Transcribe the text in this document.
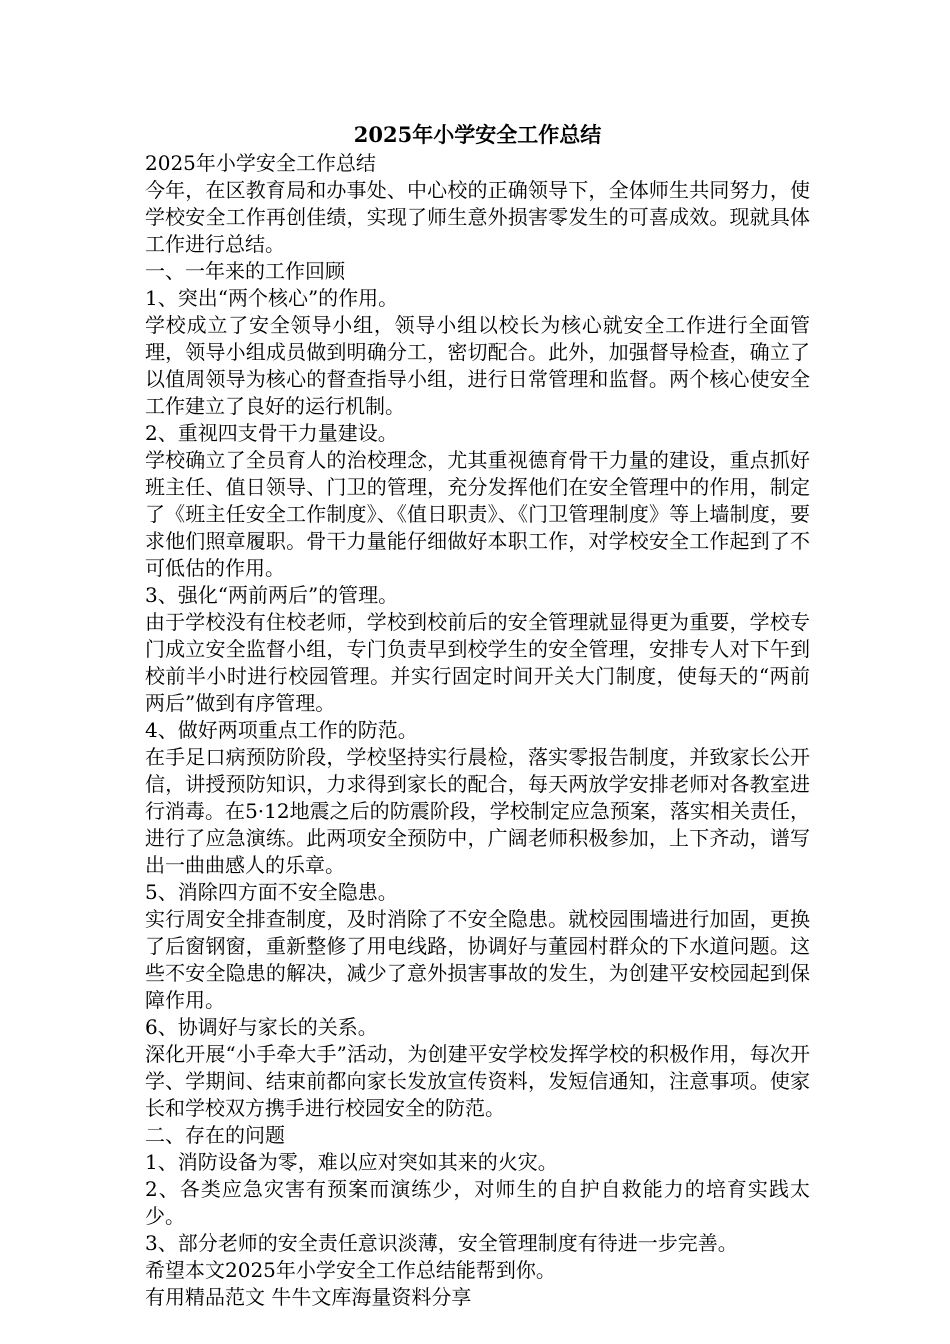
2025年小学安全工作总结

2025年小学安全工作总结

今年，在区教育局和办事处、中心校的正确领导下，全体师生共同努力，使学校安全工作再创佳绩，实现了师生意外损害零发生的可喜成效。现就具体工作进行总结。

一、一年来的工作回顾

1、突出“两个核心”的作用。

学校成立了安全领导小组，领导小组以校长为核心就安全工作进行全面管理，领导小组成员做到明确分工，密切配合。此外，加强督导检查，确立了以值周领导为核心的督查指导小组，进行日常管理和监督。两个核心使安全工作建立了良好的运行机制。

2、重视四支骨干力量建设。

学校确立了全员育人的治校理念，尤其重视德育骨干力量的建设，重点抓好班主任、值日领导、门卫的管理，充分发挥他们在安全管理中的作用，制定了《班主任安全工作制度》、《值日职责》、《门卫管理制度》等上墙制度，要求他们照章履职。骨干力量能仔细做好本职工作，对学校安全工作起到了不可低估的作用。

3、强化“两前两后”的管理。

由于学校没有住校老师，学校到校前后的安全管理就显得更为重要，学校专门成立安全监督小组，专门负责早到校学生的安全管理，安排专人对下午到校前半小时进行校园管理。并实行固定时间开关大门制度，使每天的“两前两后”做到有序管理。

4、做好两项重点工作的防范。

在手足口病预防阶段，学校坚持实行晨检，落实零报告制度，并致家长公开信，讲授预防知识，力求得到家长的配合，每天两放学安排老师对各教室进行消毒。在5·12地震之后的防震阶段，学校制定应急预案，落实相关责任，进行了应急演练。此两项安全预防中，广阔老师积极参加，上下齐动，谱写出一曲曲感人的乐章。

5、消除四方面不安全隐患。

实行周安全排查制度，及时消除了不安全隐患。就校园围墙进行加固，更换了后窗钢窗，重新整修了用电线路，协调好与董园村群众的下水道问题。这些不安全隐患的解决，减少了意外损害事故的发生，为创建平安校园起到保障作用。

6、协调好与家长的关系。

深化开展“小手牵大手”活动，为创建平安学校发挥学校的积极作用，每次开学、学期间、结束前都向家长发放宣传资料，发短信通知，注意事项。使家长和学校双方携手进行校园安全的防范。

二、存在的问题

1、消防设备为零，难以应对突如其来的火灾。

2、各类应急灾害有预案而演练少，对师生的自护自救能力的培育实践太少。

3、部分老师的安全责任意识淡薄，安全管理制度有待进一步完善。

希望本文2025年小学安全工作总结能帮到你。

有用精品范文 牛牛文库海量资料分享
